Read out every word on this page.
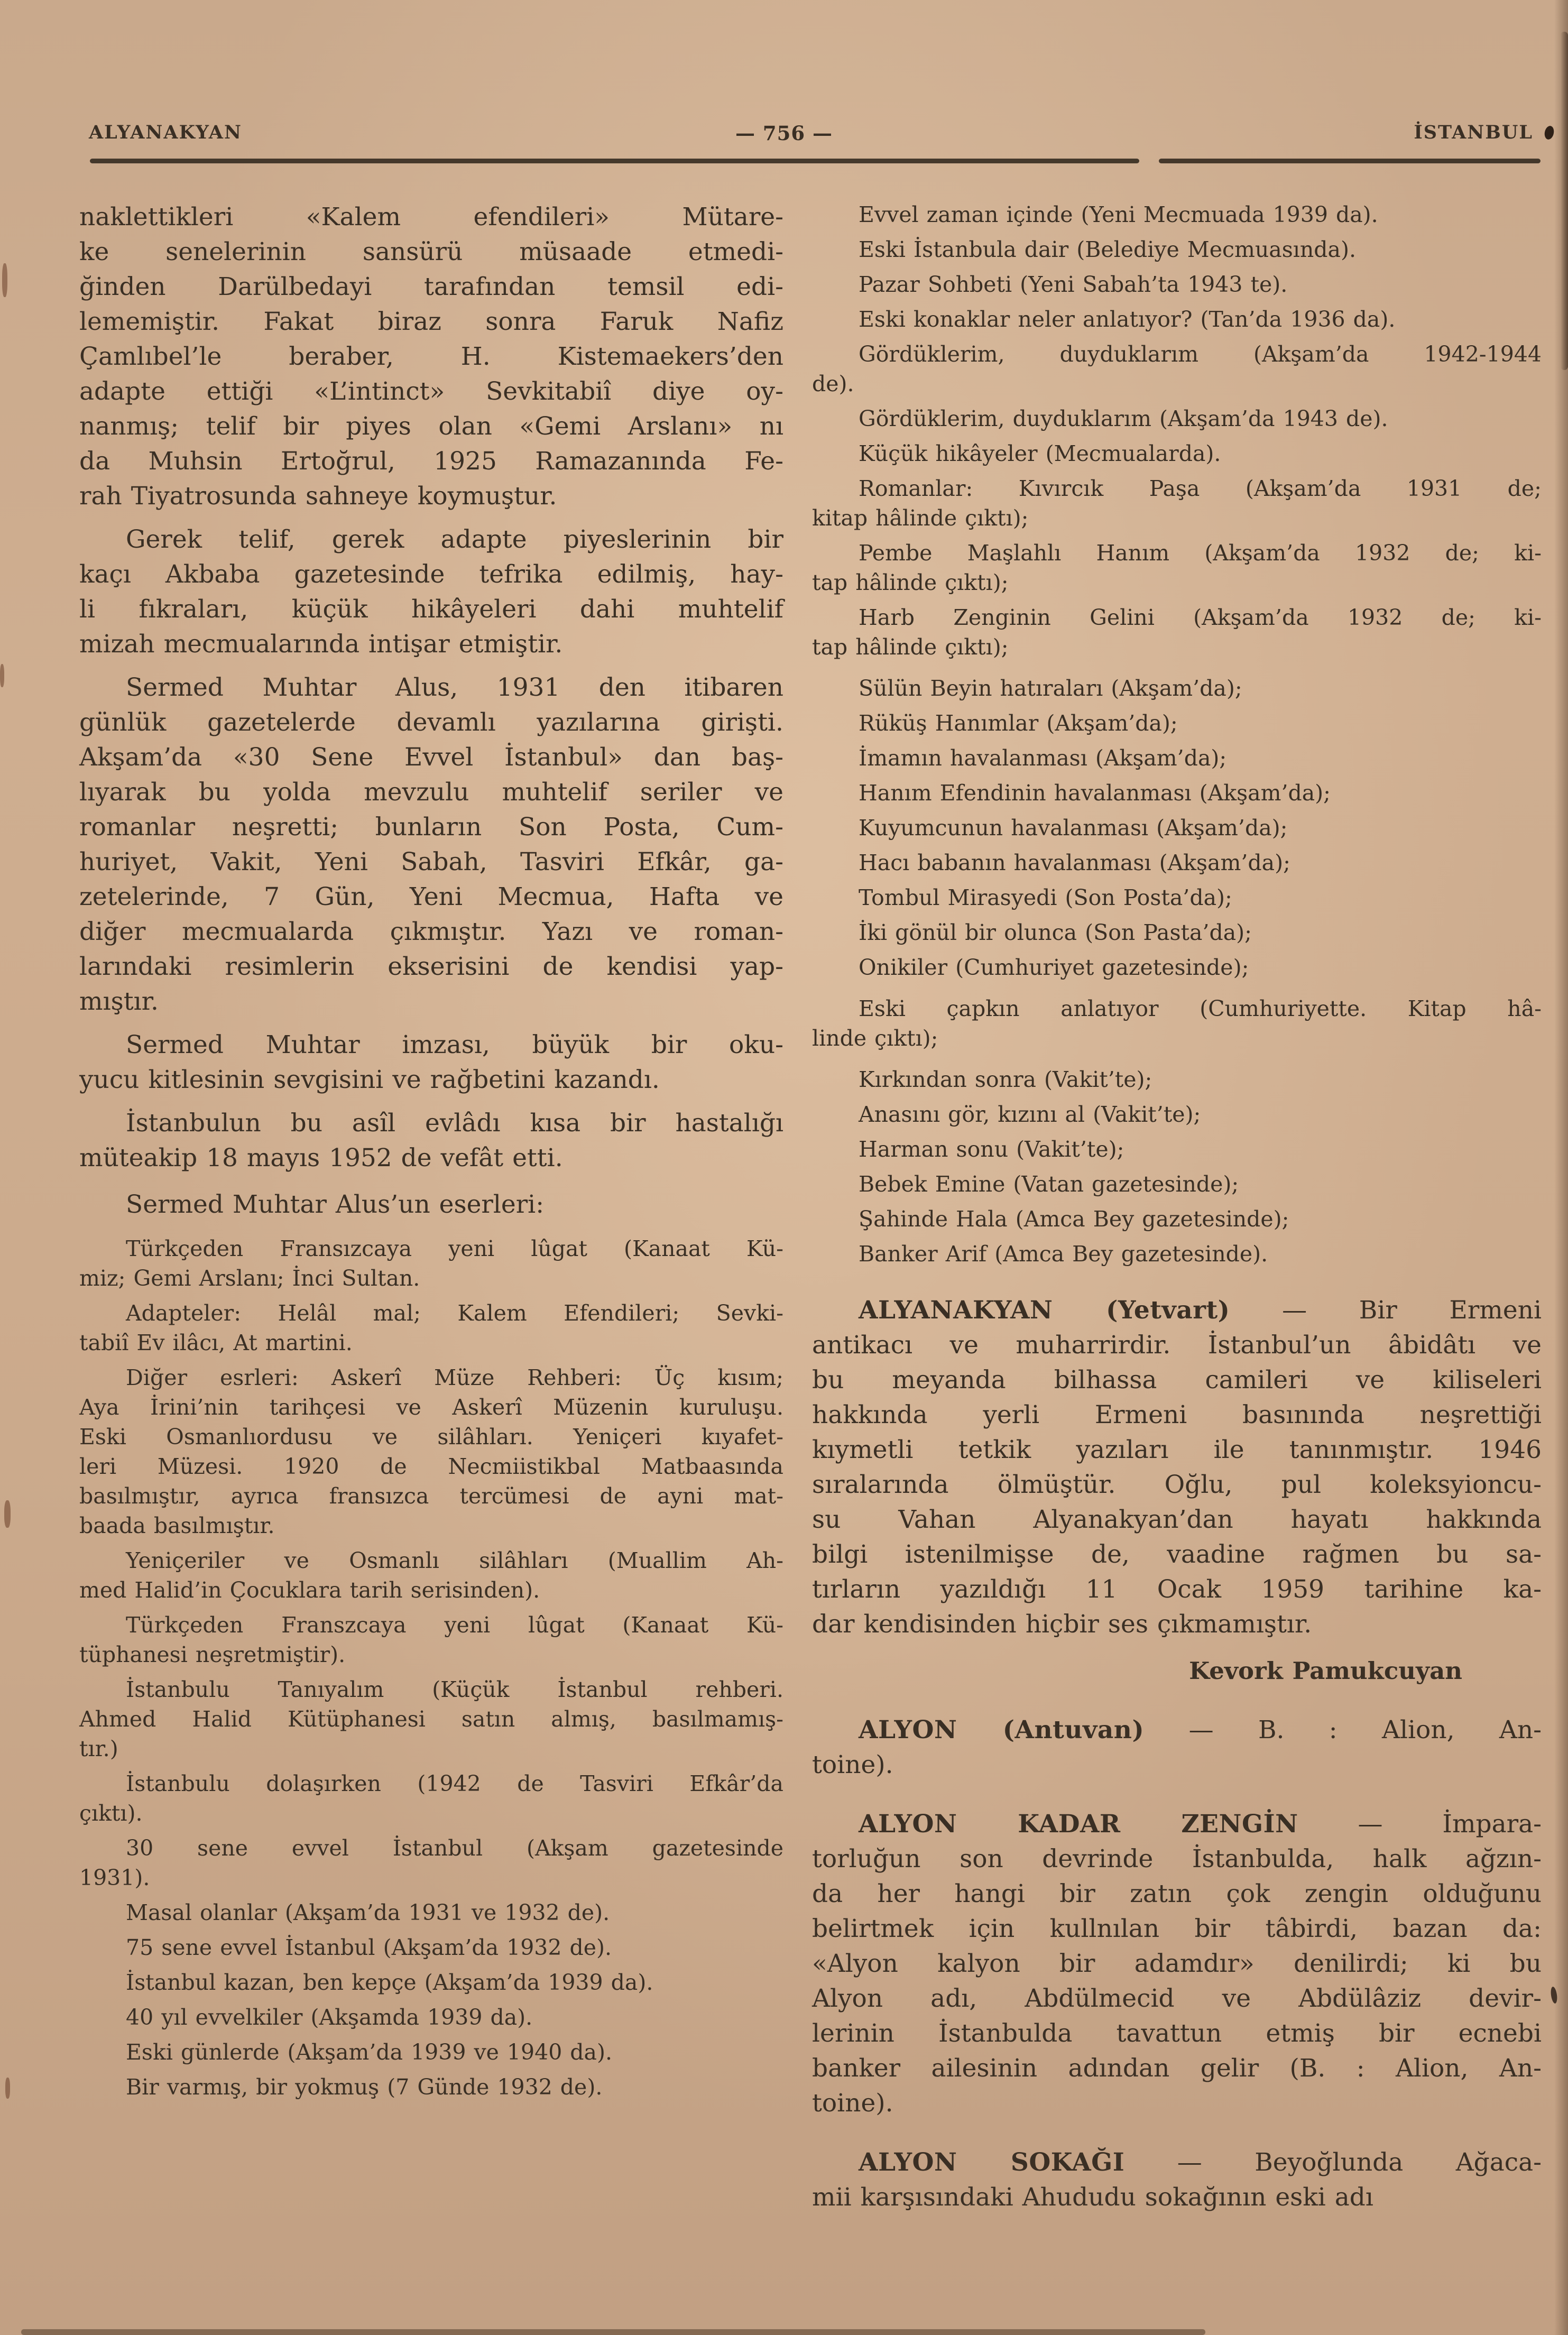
ALYANAKYAN	— 756 —	İSTANBUL
naklettikleri «Kalem efendileri» Mütare-
ke senelerinin sansürü müsaade etmedi-
ğinden Darülbedayi tarafından temsil edi-
lememiştir. Fakat biraz sonra Faruk Nafiz
Çamlıbel’le beraber, H. Kistemaekers’den
adapte ettiği «L’intinct» Sevkitabiî diye oy-
nanmış; telif bir piyes olan «Gemi Arslanı» nı
da Muhsin Ertoğrul, 1925 Ramazanında Fe-
rah Tiyatrosunda sahneye koymuştur.
Gerek telif, gerek adapte piyeslerinin bir
kaçı Akbaba gazetesinde tefrika edilmiş, hay-
li fıkraları, küçük hikâyeleri dahi muhtelif
mizah mecmualarında intişar etmiştir.
Sermed Muhtar Alus, 1931 den itibaren
günlük gazetelerde devamlı yazılarına girişti.
Akşam’da «30 Sene Evvel İstanbul» dan baş-
lıyarak bu yolda mevzulu muhtelif seriler ve
romanlar neşretti; bunların Son Posta, Cum-
huriyet, Vakit, Yeni Sabah, Tasviri Efkâr, ga-
zetelerinde, 7 Gün, Yeni Mecmua, Hafta ve
diğer mecmualarda çıkmıştır. Yazı ve roman-
larındaki resimlerin ekserisini de kendisi yap-
mıştır.
Sermed Muhtar imzası, büyük bir oku-
yucu kitlesinin sevgisini ve rağbetini kazandı.
İstanbulun bu asîl evlâdı kısa bir hastalığı
müteakip 18 mayıs 1952 de vefât etti.
Sermed Muhtar Alus’un eserleri:
Türkçeden Fransızcaya yeni lûgat (Kanaat Kü-
miz; Gemi Arslanı; İnci Sultan.
Adapteler: Helâl mal; Kalem Efendileri; Sevki-
tabiî Ev ilâcı, At martini.
Diğer esrleri: Askerî Müze Rehberi: Üç kısım;
Aya İrini’nin tarihçesi ve Askerî Müzenin kuruluşu.
Eski Osmanlıordusu ve silâhları. Yeniçeri kıyafet-
leri Müzesi. 1920 de Necmiistikbal Matbaasında
basılmıştır, ayrıca fransızca tercümesi de ayni mat-
baada basılmıştır.
Yeniçeriler ve Osmanlı silâhları (Muallim Ah-
med Halid’in Çocuklara tarih serisinden).
Türkçeden Franszcaya yeni lûgat (Kanaat Kü-
tüphanesi neşretmiştir).
İstanbulu Tanıyalım (Küçük İstanbul rehberi.
Ahmed Halid Kütüphanesi satın almış, basılmamış-
tır.)
İstanbulu dolaşırken (1942 de Tasviri Efkâr’da
çıktı).
30 sene evvel İstanbul (Akşam gazetesinde
1931).
Masal olanlar (Akşam’da 1931 ve 1932 de).
75 sene evvel İstanbul (Akşam’da 1932 de).
İstanbul kazan, ben kepçe (Akşam’da 1939 da).
40 yıl evvelkiler (Akşamda 1939 da).
Eski günlerde (Akşam’da 1939 ve 1940 da).
Bir varmış, bir yokmuş (7 Günde 1932 de).
Evvel zaman içinde (Yeni Mecmuada 1939 da).
Eski İstanbula dair (Belediye Mecmuasında).
Pazar Sohbeti (Yeni Sabah’ta 1943 te).
Eski konaklar neler anlatıyor? (Tan’da 1936 da).
Gördüklerim, duyduklarım (Akşam’da 1942-1944
de).
Gördüklerim, duyduklarım (Akşam’da 1943 de).
Küçük hikâyeler (Mecmualarda).
Romanlar: Kıvırcık Paşa (Akşam’da 1931 de;
kitap hâlinde çıktı);
Pembe Maşlahlı Hanım (Akşam’da 1932 de; ki-
tap hâlinde çıktı);
Harb Zenginin Gelini (Akşam’da 1932 de; ki-
tap hâlinde çıktı);
Sülün Beyin hatıraları (Akşam’da);
Rüküş Hanımlar (Akşam’da);
İmamın havalanması (Akşam’da);
Hanım Efendinin havalanması (Akşam’da);
Kuyumcunun havalanması (Akşam’da);
Hacı babanın havalanması (Akşam’da);
Tombul Mirasyedi (Son Posta’da);
İki gönül bir olunca (Son Pasta’da);
Onikiler (Cumhuriyet gazetesinde);
Eski çapkın anlatıyor (Cumhuriyette. Kitap hâ-
linde çıktı);
Kırkından sonra (Vakit’te);
Anasını gör, kızını al (Vakit’te);
Harman sonu (Vakit’te);
Bebek Emine (Vatan gazetesinde);
Şahinde Hala (Amca Bey gazetesinde);
Banker Arif (Amca Bey gazetesinde).
ALYANAKYAN (Yetvart) — Bir Ermeni
antikacı ve muharrirdir. İstanbul’un âbidâtı ve
bu meyanda bilhassa camileri ve kiliseleri
hakkında yerli Ermeni basınında neşrettiği
kıymetli tetkik yazıları ile tanınmıştır. 1946
sıralarında ölmüştür. Oğlu, pul koleksyioncu-
su Vahan Alyanakyan’dan hayatı hakkında
bilgi istenilmişse de, vaadine rağmen bu sa-
tırların yazıldığı 11 Ocak 1959 tarihine ka-
dar kendisinden hiçbir ses çıkmamıştır.
Kevork Pamukcuyan
ALYON (Antuvan) — B. : Alion, An-
toine).
ALYON KADAR ZENGİN — İmpara-
torluğun son devrinde İstanbulda, halk ağzın-
da her hangi bir zatın çok zengin olduğunu
belirtmek için kullnılan bir tâbirdi, bazan da:
«Alyon kalyon bir adamdır» denilirdi; ki bu
Alyon adı, Abdülmecid ve Abdülâziz devir-
lerinin İstanbulda tavattun etmiş bir ecnebi
banker ailesinin adından gelir (B. : Alion, An-
toine).
ALYON SOKAĞI — Beyoğlunda Ağaca-
mii karşısındaki Ahududu sokağının eski adı
